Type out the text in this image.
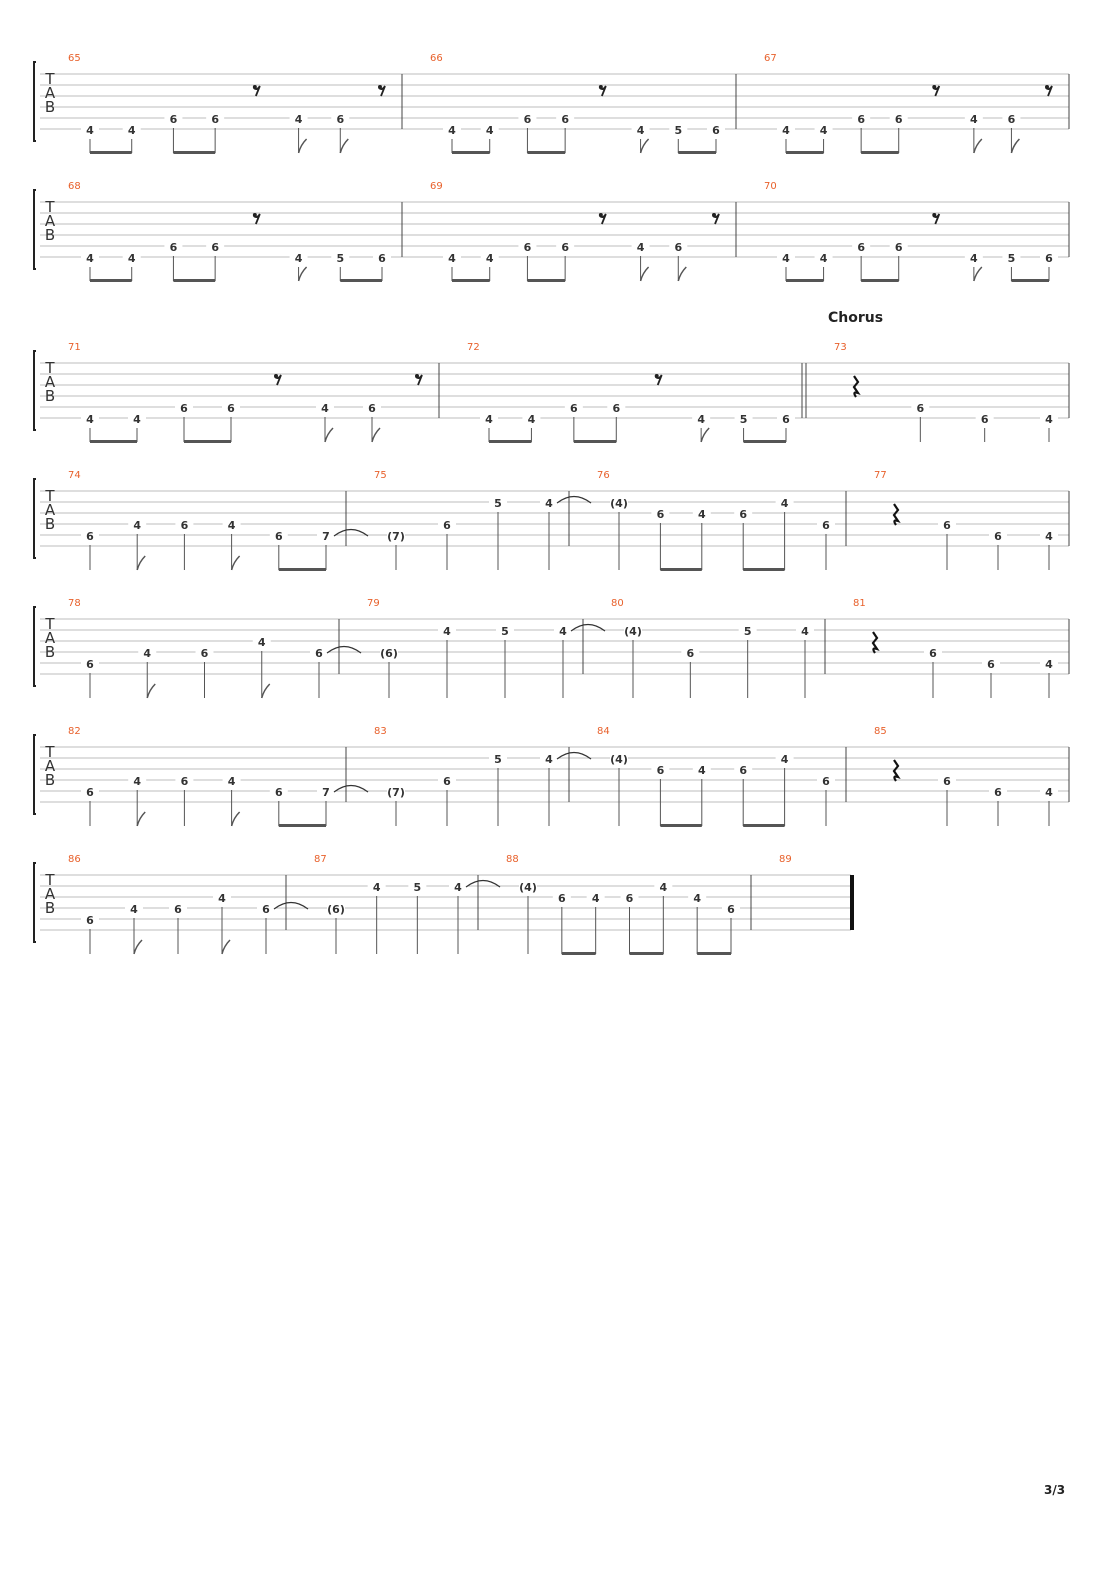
T
A
B
65
4	4
6	6	4	6
66
4	4
6	6
4	5	6
67
4	4
6	6	4	6
T
A
B
68
4	4
6	6
4	5	6
69
4	4
6	6	4	6
70
4	4
6	6
4	5	6
T
A
B
71
4	4
6	6	4	6
72
4	4
6	6
4	5	6
73
6
6	4
T
A
B
74
6
4	6	4
6	7
75
(7)
6
5	4
76
(4)
6	4	6
4
6
77
6
6	4
T
A
B
78
6
4	6
4
6
79
(6)
4	5	4
80
(4)
6
5	4
81
6
6	4
T
A
B
82
6
4	6	4
6	7
83
(7)
6
5	4
84
(4)
6	4	6
4
6
85
6
6	4
T
A
B
86
6
4	6
4
6
87
(6)
4	5	4
88
(4)
6 4 6
4
4
6
89
Chorus
3/3
